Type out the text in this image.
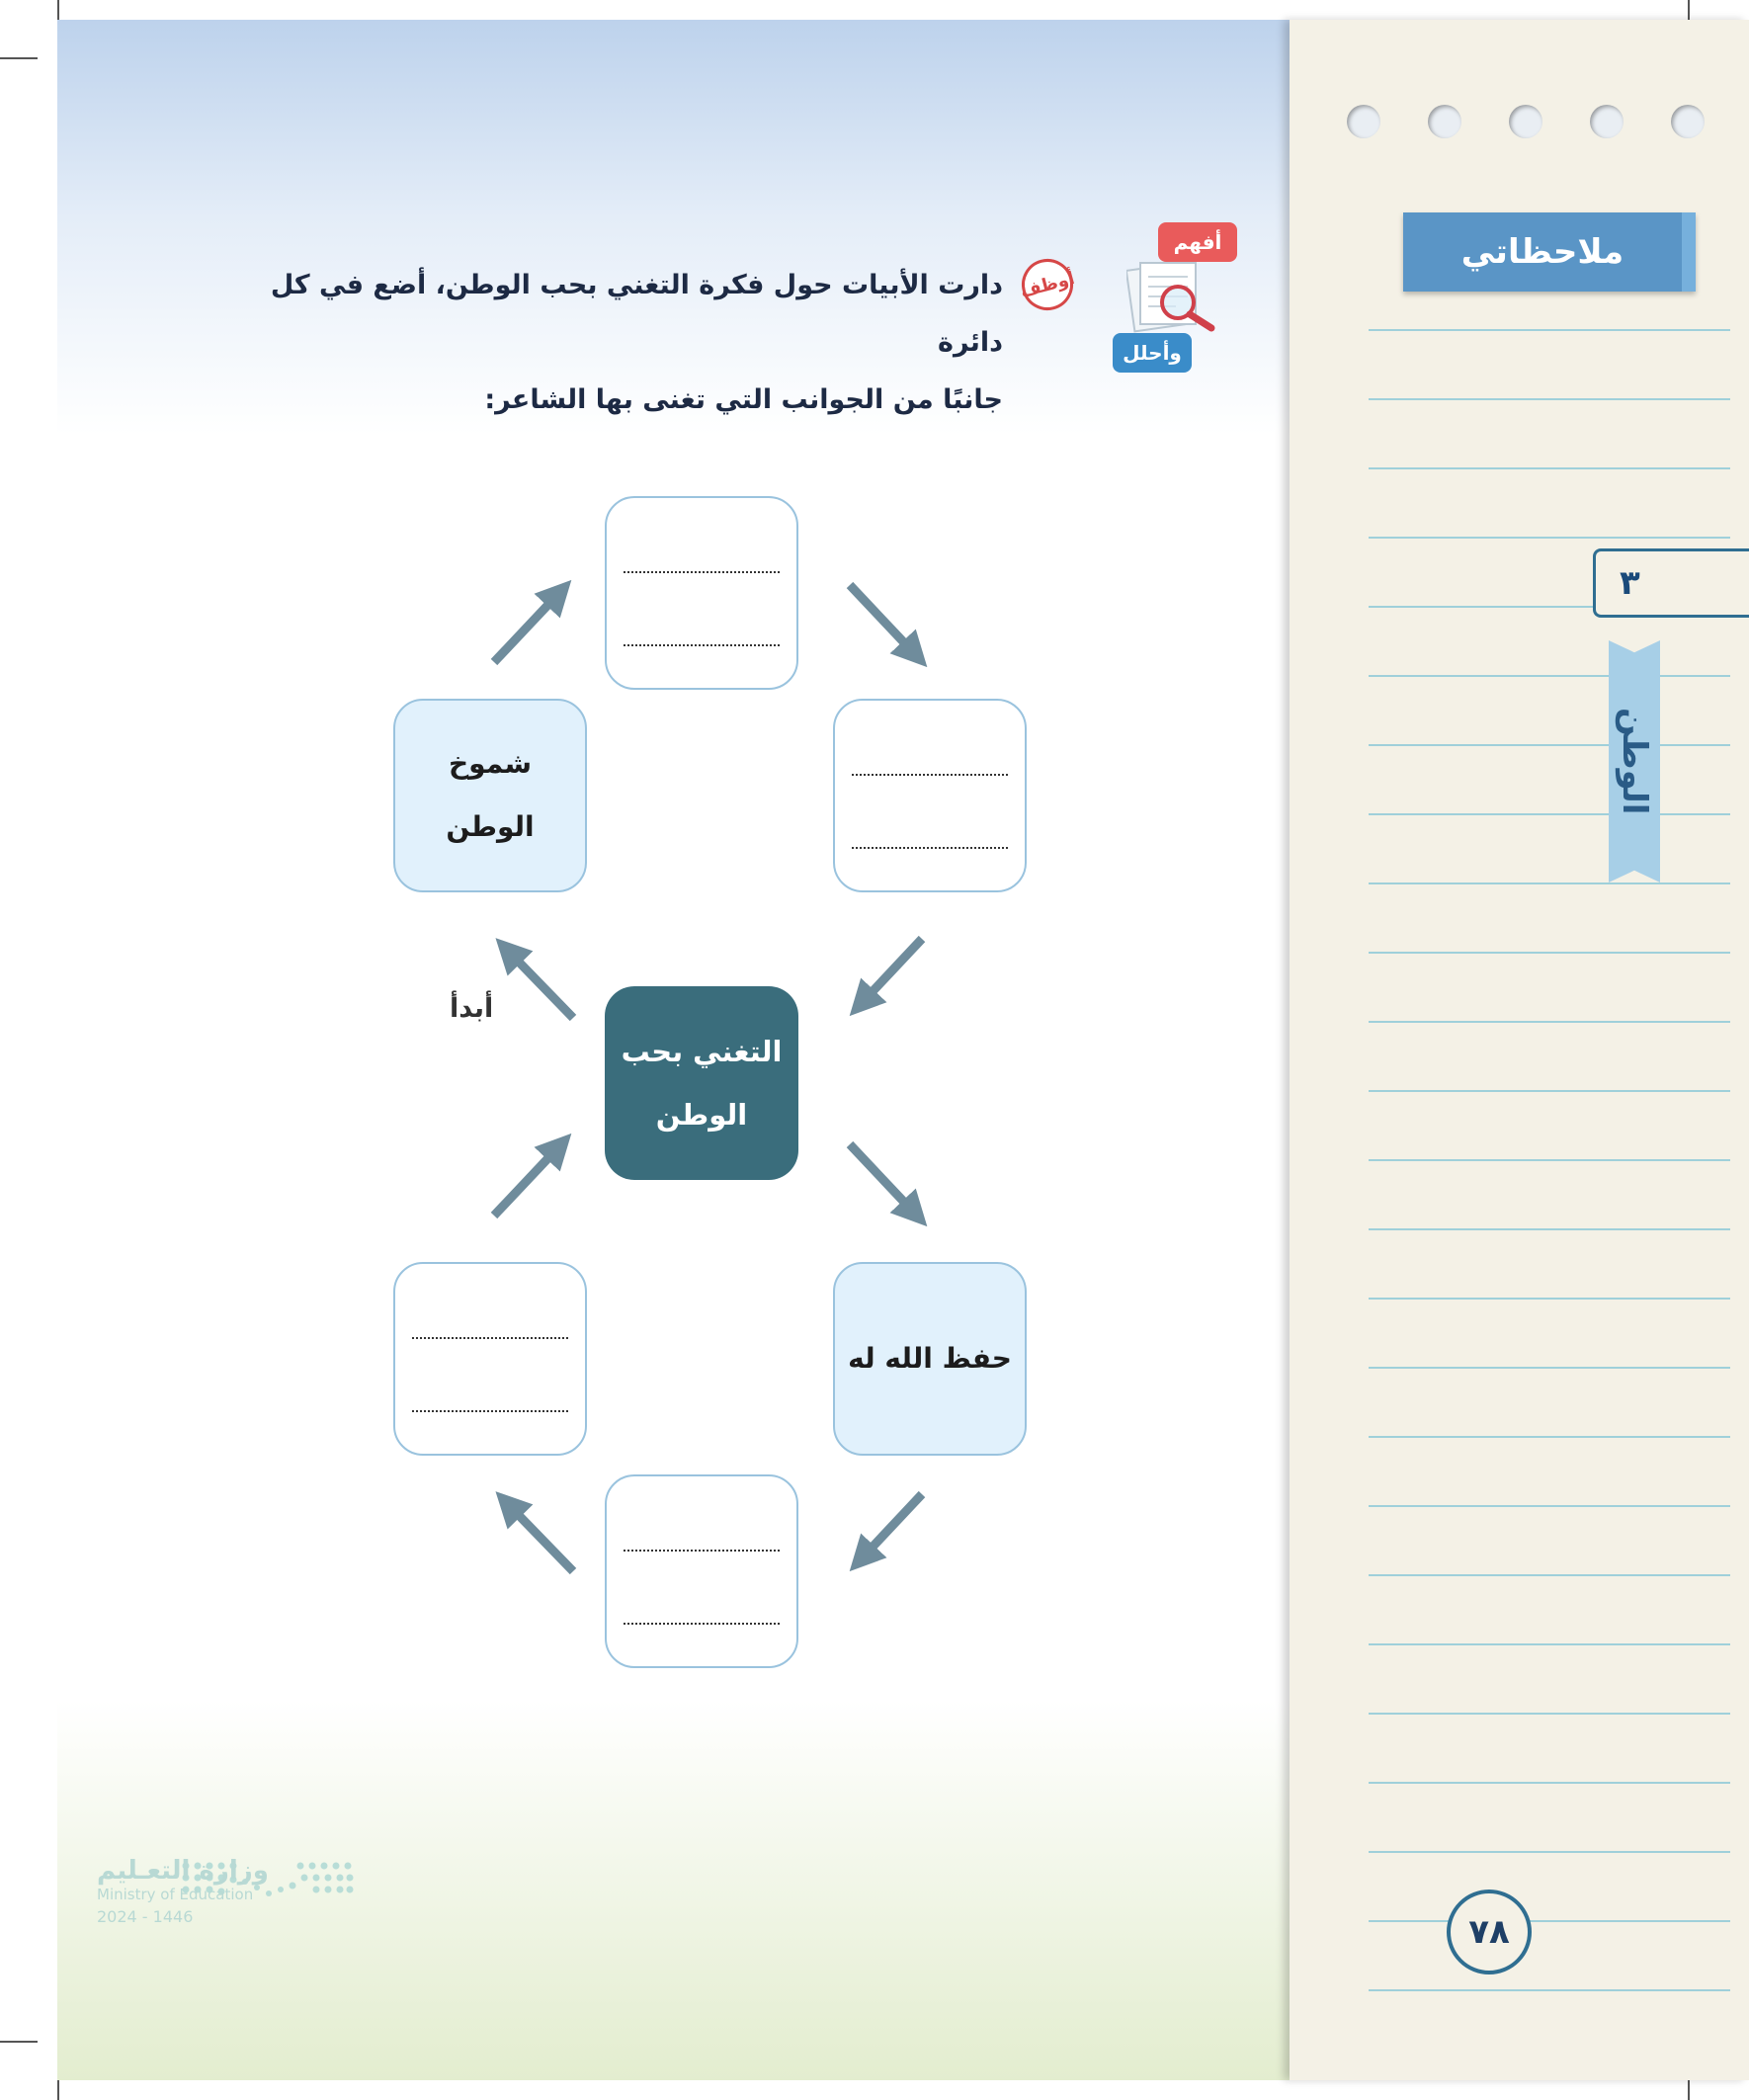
ملاحظاتي
٣
الوطن
٧٨
أفهم
وأحلل
أوظف
دارت الأبيات حول فكرة التغني بحب الوطن، أضع في كل دائرة
جانبًا من الجوانب التي تغنى بها الشاعر:
شموخ
الوطن
التغني بحب
الوطن
أبدأ
حفظ الله له
وزارة التعـليم
Ministry of Education
2024 - 1446
